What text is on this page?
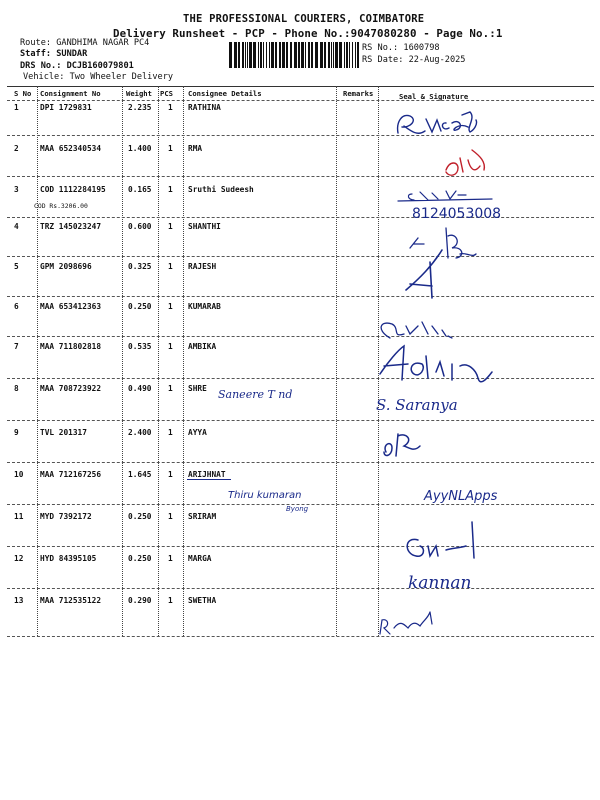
THE PROFESSIONAL COURIERS, COIMBATORE
Delivery Runsheet - PCP - Phone No.:9047080280 - Page No.:1
Route: GANDHIMA NAGAR PC4
Staff: SUNDAR
DRS No.: DCJB160079801
Vehicle: Two Wheeler Delivery
RS No.: 1600798
RS Date: 22-Aug-2025
S No Consignment No	Weight PCS Consignee Details	Remarks	Seal & Signature
1	DPI 1729831	2.235 1 RATHINA
2	MAA 652340534	1.400 1 RMA
3	COD 1112284195	0.165 1 Sruthi Sudeesh
COD Rs.3206.00
4	TRZ 145023247	0.600 1 SHANTHI
5	GPM 2098696	0.325 1 RAJESH
6	MAA 653412363	0.250 1 KUMARAB
7	MAA 711802818	0.535 1 AMBIKA
8	MAA 708723922	0.490 1 SHRE
9	TVL 201317	2.400 1 AYYA
10 MAA 712167256	1.645 1 ARIJHNAT
11 MYD 7392172	0.250 1 SRIRAM
12 HYD 84395105	0.250 1 MARGA
13 MAA 712535122	0.290 1 SWETHA
8124053008
Saneere T nd
S. Saranya
Thiru kumaran
Byong
AyyNLApps
kannan
